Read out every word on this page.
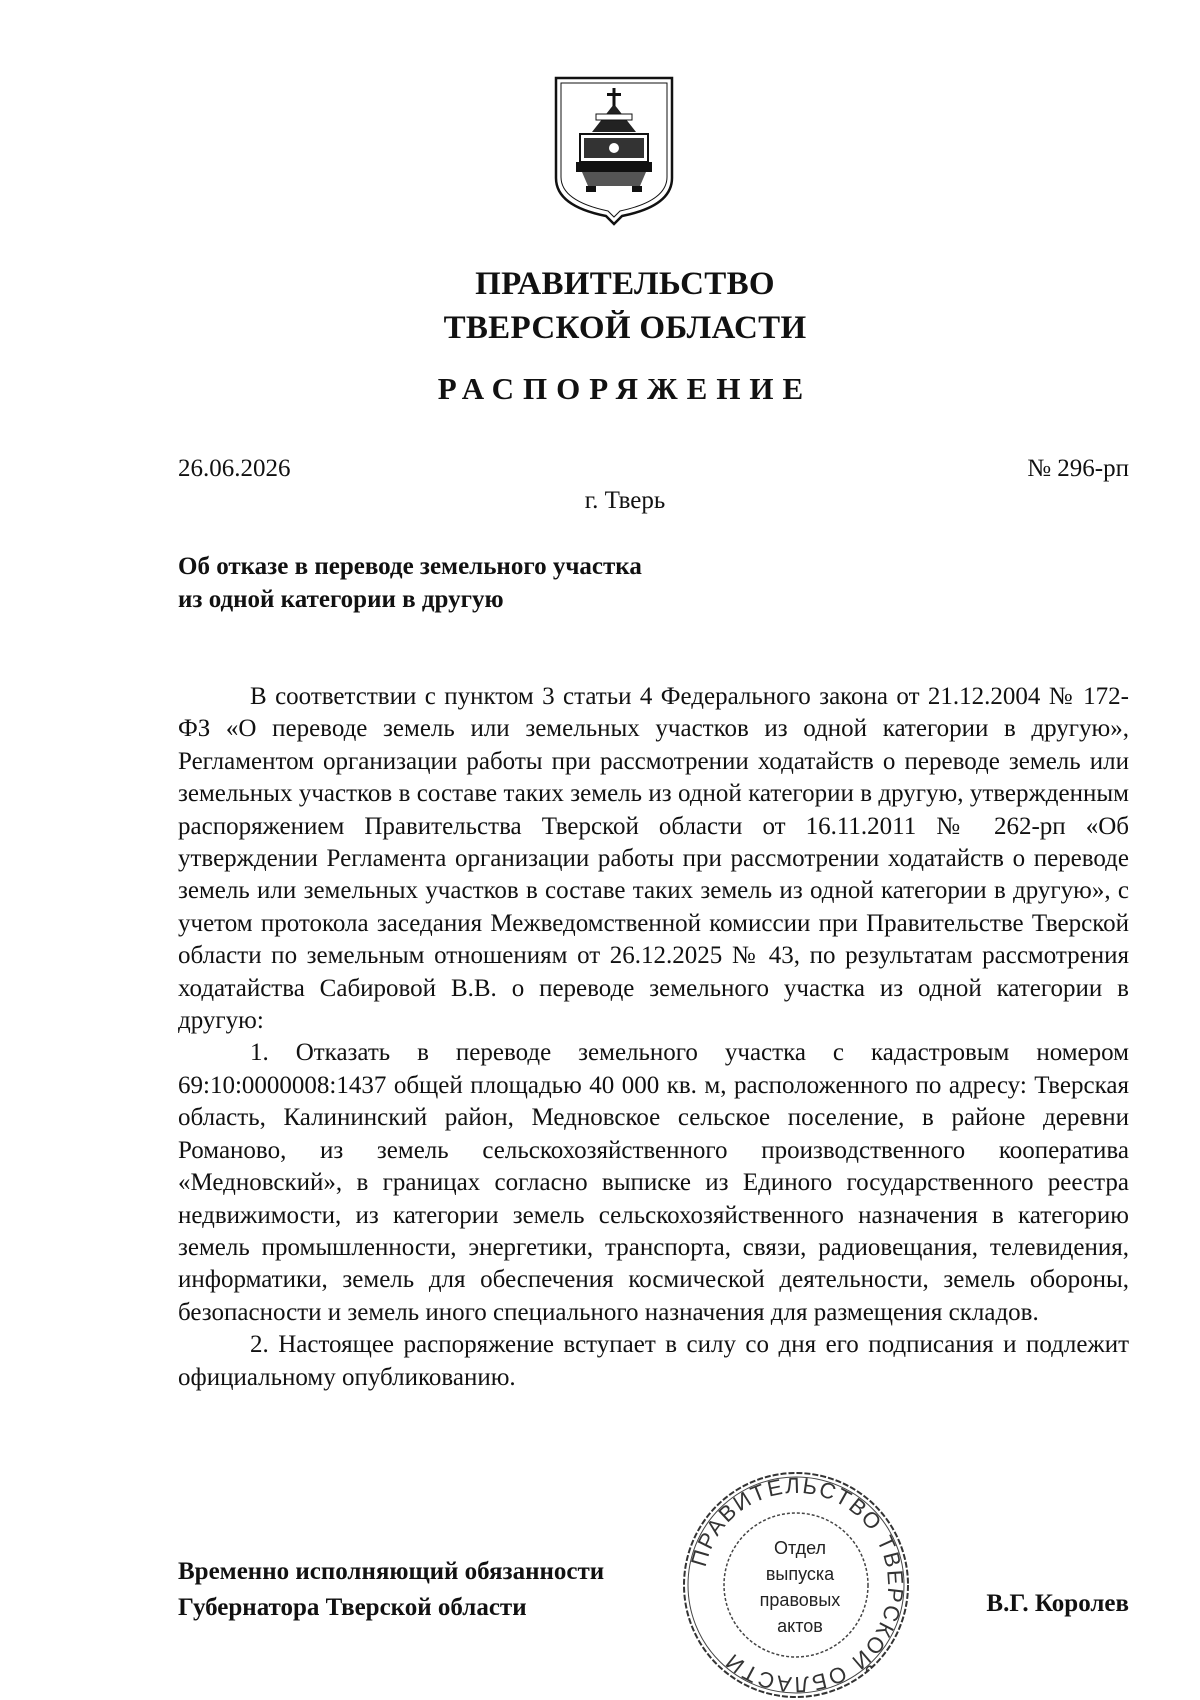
ПРАВИТЕЛЬСТВО
ТВЕРСКОЙ ОБЛАСТИ
РАСПОРЯЖЕНИЕ
26.06.2026	№ 296-рп
г. Тверь
Об отказе в переводе земельного участка
из одной категории в другую

В соответствии с пунктом 3 статьи 4 Федерального закона от 21.12.2004 № 172-ФЗ «О переводе земель или земельных участков из одной категории в другую», Регламентом организации работы при рассмотрении ходатайств о переводе земель или земельных участков в составе таких земель из одной категории в другую, утвержденным распоряжением Правительства Тверской области от 16.11.2011 № 262-рп «Об утверждении Регламента организации работы при рассмотрении ходатайств о переводе земель или земельных участков в составе таких земель из одной категории в другую», с учетом протокола заседания Межведомственной комиссии при Правительстве Тверской области по земельным отношениям от 26.12.2025 № 43, по результатам рассмотрения ходатайства Сабировой В.В. о переводе земельного участка из одной категории в другую:

1. Отказать в переводе земельного участка с кадастровым номером 69:10:0000008:1437 общей площадью 40 000 кв. м, расположенного по адресу: Тверская область, Калининский район, Медновское сельское поселение, в районе деревни Романово, из земель сельскохозяйственного производственного кооператива «Медновский», в границах согласно выписке из Единого государственного реестра недвижимости, из категории земель сельскохозяйственного назначения в категорию земель промышленности, энергетики, транспорта, связи, радиовещания, телевидения, информатики, земель для обеспечения космической деятельности, земель обороны, безопасности и земель иного специального назначения для размещения складов.

2. Настоящее распоряжение вступает в силу со дня его подписания и подлежит официальному опубликованию.

Временно исполняющий обязанности
Губернатора Тверской области	В.Г. Королев
ПРАВИТЕЛЬСТВО ТВЕРСКОЙ ОБЛАСТИ
Отдел
выпуска
правовых
актов
